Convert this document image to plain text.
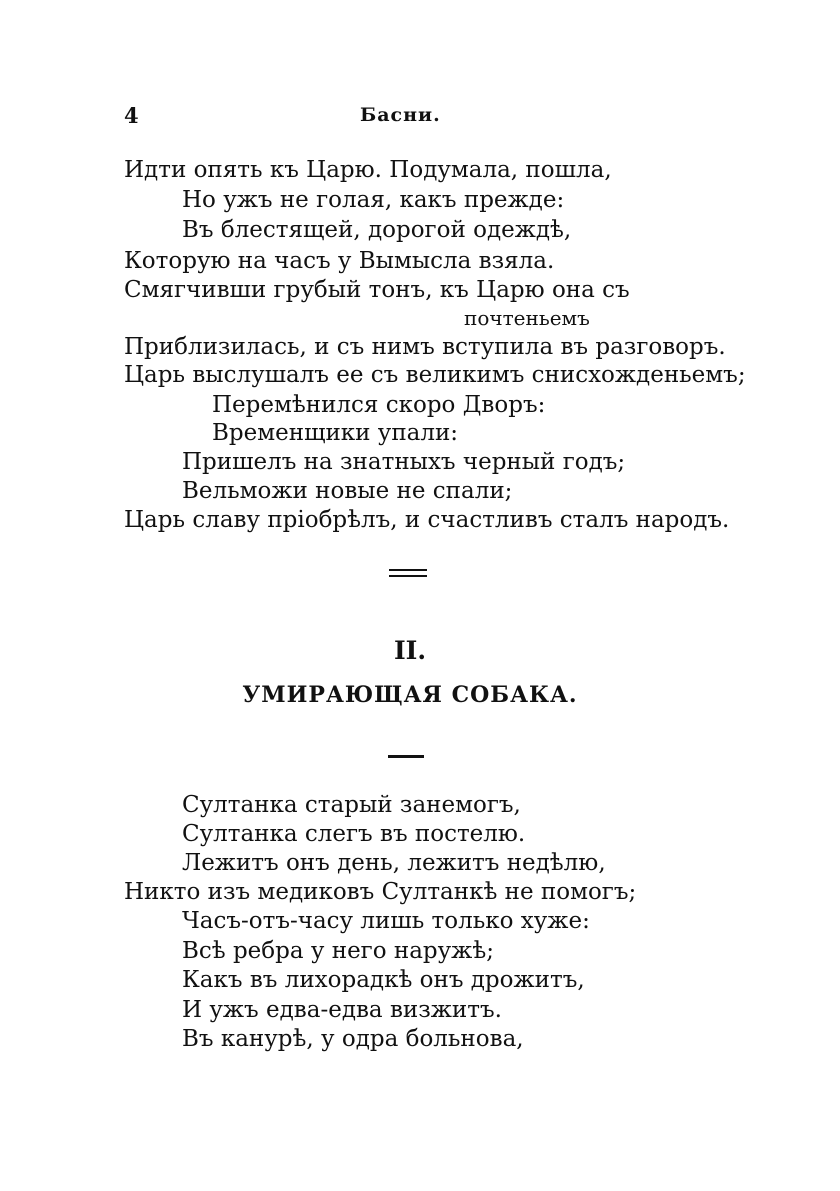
4	Басни.
Идти опять къ Царю. Подумала, пошла,
Но ужъ не голая, какъ прежде:
Въ блестящей, дорогой одеждѣ,
Которую на часъ у Вымысла взяла.
Смягчивши грубый тонъ, къ Царю она съ
почтеньемъ
Приблизилась, и съ нимъ вступила въ разговоръ.
Царь выслушалъ ее съ великимъ снисхожденьемъ;
Перемѣнился скоро Дворъ:
Временщики упали:
Пришелъ на знатныхъ черный годъ;
Вельможи новые не спали;
Царь славу пріобрѣлъ, и счастливъ сталъ народъ.
II.
УМИРАЮЩАЯ СОБАКА.
Султанка старый занемогъ,
Султанка слегъ въ постелю.
Лежитъ онъ день, лежитъ недѣлю,
Никто изъ медиковъ Султанкѣ не помогъ;
Часъ-отъ-часу лишь только хуже:
Всѣ ребра у него наружѣ;
Какъ въ лихорадкѣ онъ дрожитъ,
И ужъ едва-едва визжитъ.
Въ канурѣ, у одра больнова,
